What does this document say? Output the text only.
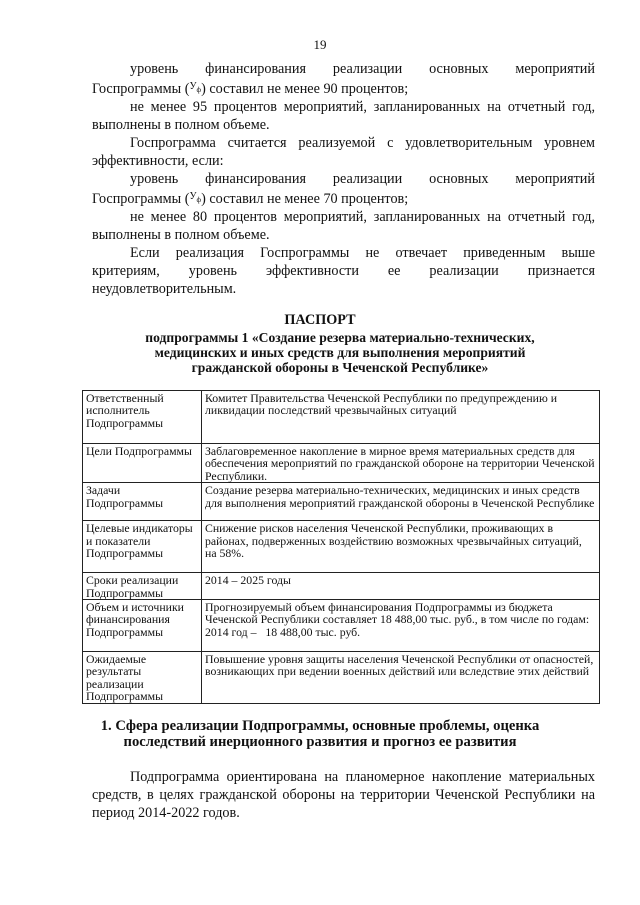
19
уровень финансирования реализации основных мероприятий
Госпрограммы ($^{У_ф}$) составил не менее 90 процентов;
не менее 95 процентов мероприятий, запланированных на отчетный год, выполнены в полном объеме.
Госпрограмма считается реализуемой с удовлетворительным уровнем эффективности, если:
уровень финансирования реализации основных мероприятий
Госпрограммы ($^{У_ф}$) составил не менее 70 процентов;
не менее 80 процентов мероприятий, запланированных на отчетный год, выполнены в полном объеме.
Если реализация Госпрограммы не отвечает приведенным выше
критериям, уровень эффективности ее реализации признается
неудовлетворительным.
ПАСПОРТ
подпрограммы 1 «Создание резерва материально-технических,
медицинских и иных средств для выполнения мероприятий
гражданской обороны в Чеченской Республике»
Ответственный исполнитель Подпрограммы	Комитет Правительства Чеченской Республики по предупреждению и ликвидации последствий чрезвычайных ситуаций
Цели Подпрограммы	Заблаговременное накопление в мирное время материальных средств для обеспечения мероприятий по гражданской обороне на территории Чеченской Республики.
Задачи Подпрограммы	Создание резерва материально-технических, медицинских и иных средств для выполнения мероприятий гражданской обороны в Чеченской Республике
Целевые индикаторы и показатели Подпрограммы	Снижение рисков населения Чеченской Республики, проживающих в районах, подверженных воздействию возможных чрезвычайных ситуаций, на 58%.
Сроки реализации Подпрограммы	2014 – 2025 годы
Объем и источники финансирования Подпрограммы	Прогнозируемый объем финансирования Подпрограммы из бюджета Чеченской Республики составляет 18 488,00 тыс. руб., в том числе по годам:
2014 год –   18 488,00 тыс. руб.

Ожидаемые результаты реализации Подпрограммы	Повышение уровня защиты населения Чеченской Республики от опасностей, возникающих при ведении военных действий или вследствие этих действий
1. Сфера реализации Подпрограммы, основные проблемы, оценка
последствий инерционного развития и прогноз ее развития
Подпрограмма ориентирована на планомерное накопление материальных средств, в целях гражданской обороны на территории Чеченской Республики на период 2014-2022 годов.
